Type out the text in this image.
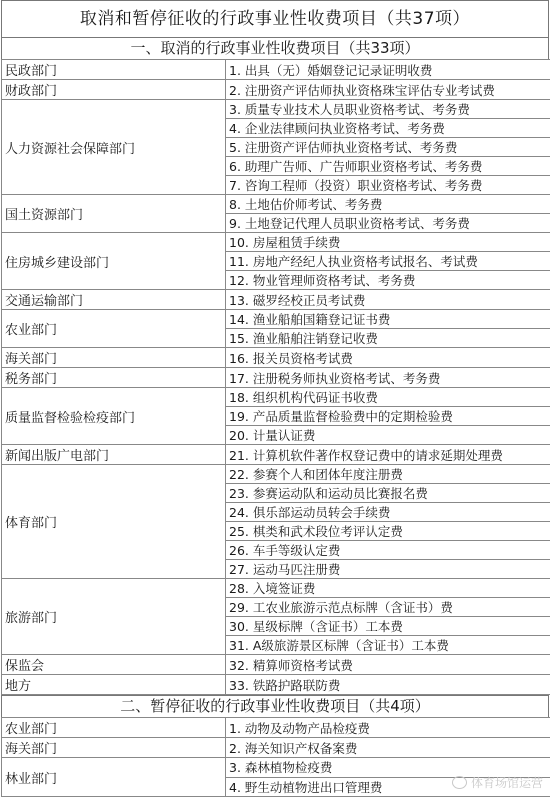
取消和暂停征收的行政事业性收费项目（共37项）
一、取消的行政事业性收费项目（共33项）
民政部门	1. 出具（无）婚姻登记记录证明收费
财政部门	2. 注册资产评估师执业资格珠宝评估专业考试费
人力资源社会保障部门	3. 质量专业技术人员职业资格考试、考务费
	4. 企业法律顾问执业资格考试、考务费
	5. 注册资产评估师执业资格考试、考务费
	6. 助理广告师、广告师职业资格考试、考务费
	7. 咨询工程师（投资）职业资格考试、考务费
国土资源部门	8. 土地估价师考试、考务费
	9. 土地登记代理人员职业资格考试、考务费
住房城乡建设部门	10. 房屋租赁手续费
	11. 房地产经纪人执业资格考试报名、考试费
	12. 物业管理师资格考试、考务费
交通运输部门	13. 磁罗经校正员考试费
农业部门	14. 渔业船舶国籍登记证书费
	15. 渔业船舶注销登记收费
海关部门	16. 报关员资格考试费
税务部门	17. 注册税务师执业资格考试、考务费
质量监督检验检疫部门	18. 组织机构代码证书收费
	19. 产品质量监督检验费中的定期检验费
	20. 计量认证费
新闻出版广电部门	21. 计算机软件著作权登记费中的请求延期处理费
体育部门	22. 参赛个人和团体年度注册费
	23. 参赛运动队和运动员比赛报名费
	24. 俱乐部运动员转会手续费
	25. 棋类和武术段位考评认定费
	26. 车手等级认定费
	27. 运动马匹注册费
旅游部门	28. 入境签证费
	29. 工农业旅游示范点标牌（含证书）费
	30. 星级标牌（含证书）工本费
	31. A级旅游景区标牌（含证书）工本费
保监会	32. 精算师资格考试费
地方	33. 铁路护路联防费
二、暂停征收的行政事业性收费项目（共4项）
农业部门	1. 动物及动物产品检疫费
海关部门	2. 海关知识产权备案费
林业部门	3. 森林植物检疫费
	4. 野生动植物进出口管理费	体育场馆运营
